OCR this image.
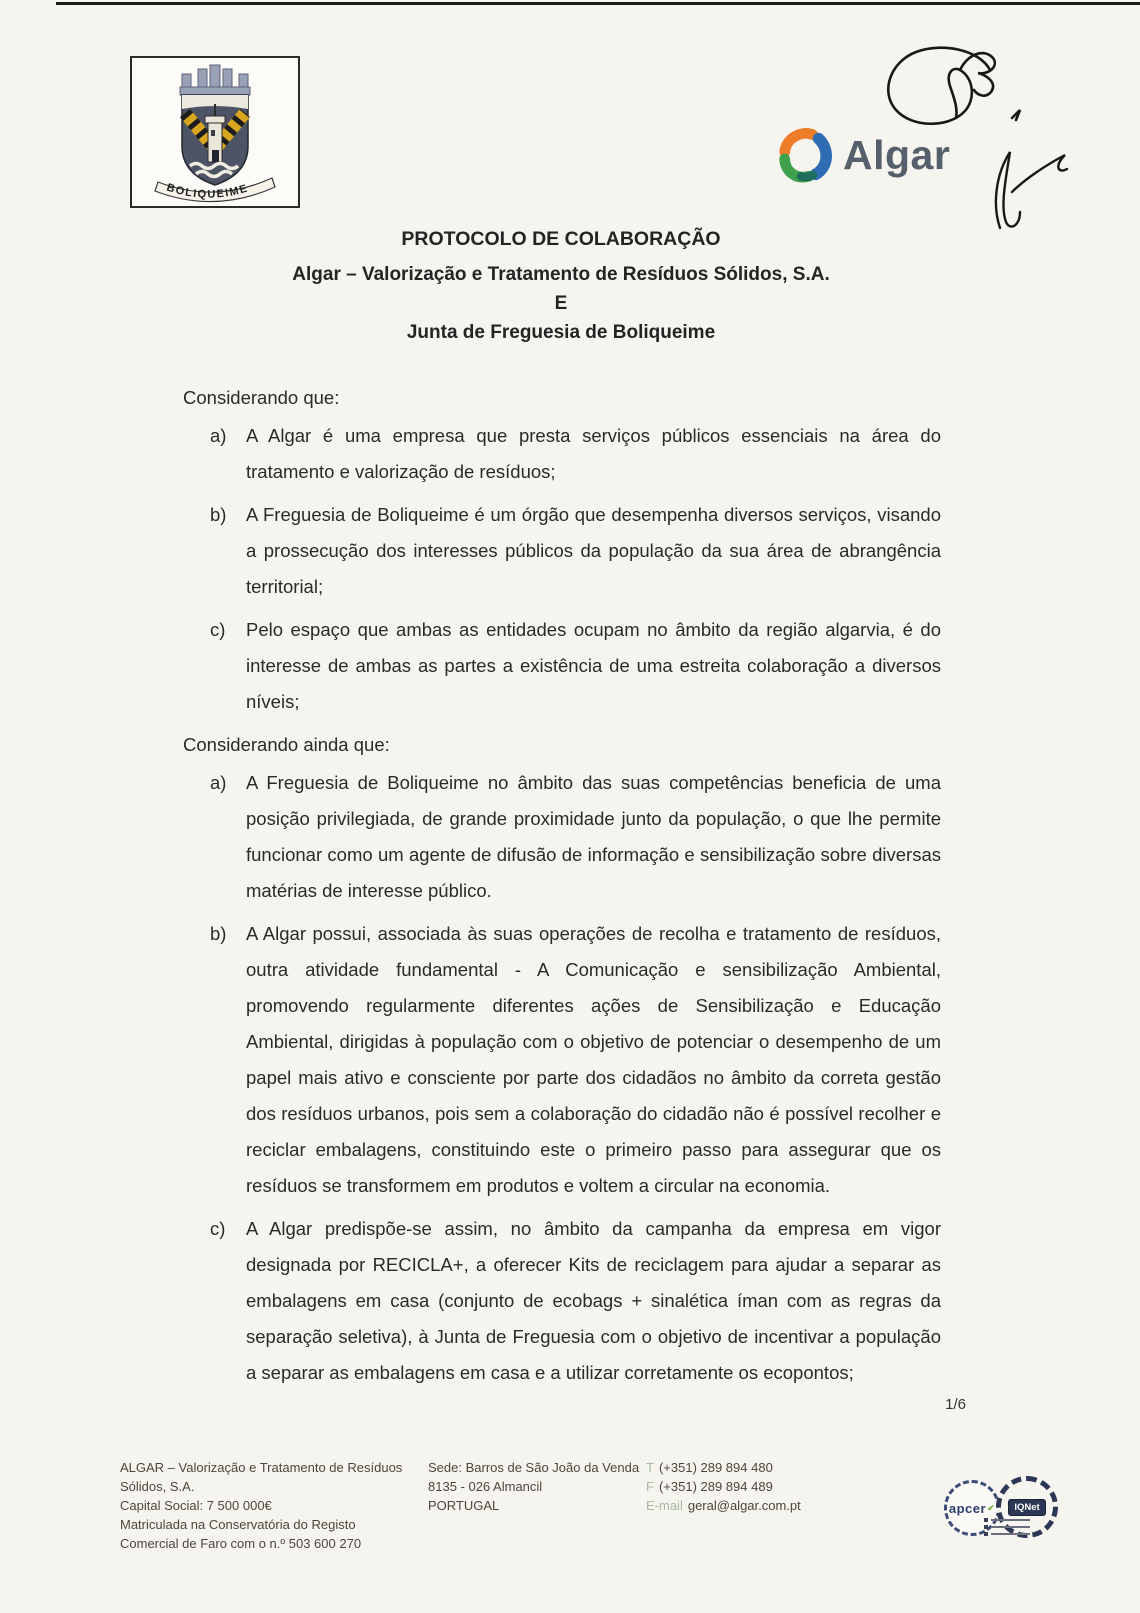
BOLIQUEIME
Algar
PROTOCOLO DE COLABORAÇÃO
Algar – Valorização e Tratamento de Resíduos Sólidos, S.A.
E
Junta de Freguesia de Boliqueime
Considerando que:
a)	A Algar é uma empresa que presta serviços públicos essenciais na área do tratamento e valorização de resíduos;
b)	A Freguesia de Boliqueime é um órgão que desempenha diversos serviços, visando a prossecução dos interesses públicos da população da sua área de abrangência territorial;
c)	Pelo espaço que ambas as entidades ocupam no âmbito da região algarvia, é do interesse de ambas as partes a existência de uma estreita colaboração a diversos níveis;
Considerando ainda que:
a)	A Freguesia de Boliqueime no âmbito das suas competências beneficia de uma posição privilegiada, de grande proximidade junto da população, o que lhe permite funcionar como um agente de difusão de informação e sensibilização sobre diversas matérias de interesse público.
b)	A Algar possui, associada às suas operações de recolha e tratamento de resíduos, outra atividade fundamental - A Comunicação e sensibilização Ambiental, promovendo regularmente diferentes ações de Sensibilização e Educação Ambiental, dirigidas à população com o objetivo de potenciar o desempenho de um papel mais ativo e consciente por parte dos cidadãos no âmbito da correta gestão dos resíduos urbanos, pois sem a colaboração do cidadão não é possível recolher e reciclar embalagens, constituindo este o primeiro passo para assegurar que os resíduos se transformem em produtos e voltem a circular na economia.
c)	A Algar predispõe-se assim, no âmbito da campanha da empresa em vigor designada por RECICLA+, a oferecer Kits de reciclagem para ajudar a separar as embalagens em casa (conjunto de ecobags + sinalética íman com as regras da separação seletiva), à Junta de Freguesia com o objetivo de incentivar a população a separar as embalagens em casa e a utilizar corretamente os ecopontos;
1/6
ALGAR – Valorização e Tratamento de Resíduos
Sólidos, S.A.
Capital Social: 7 500 000€
Matriculada na Conservatória do Registo
Comercial de Faro com o n.º 503 600 270
Sede: Barros de São João da Venda
8135 - 026 Almancil
PORTUGAL
T (+351) 289 894 480
F (+351) 289 894 489
E-mail geral@algar.com.pt	apcer ✔	IQNet
